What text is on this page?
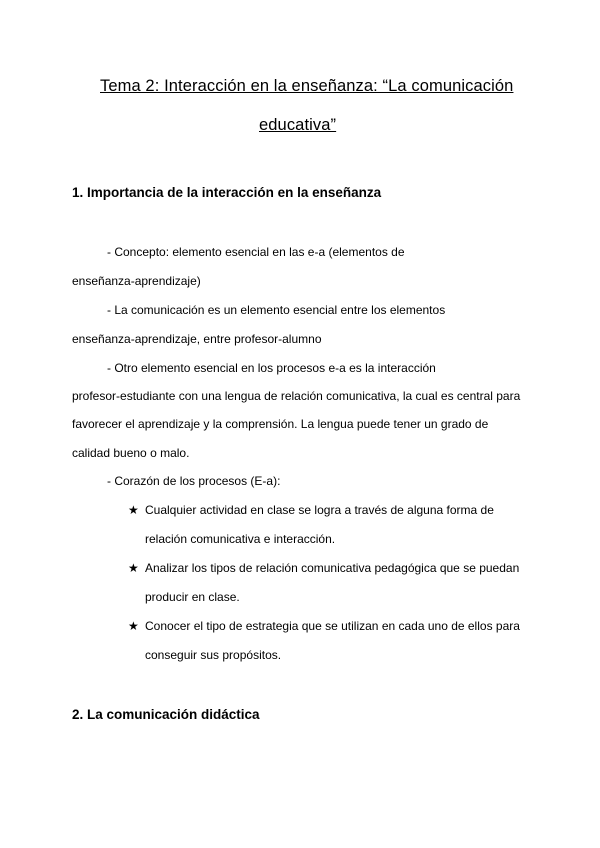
Tema 2: Interacción en la enseñanza: “La comunicación
educativa”
1. Importancia de la interacción en la enseñanza
- Concepto: elemento esencial en las e-a (elementos de
enseñanza-aprendizaje)
- La comunicación es un elemento esencial entre los elementos
enseñanza-aprendizaje, entre profesor-alumno
- Otro elemento esencial en los procesos e-a es la interacción
profesor-estudiante con una lengua de relación comunicativa, la cual es central para
favorecer el aprendizaje y la comprensión. La lengua puede tener un grado de
calidad bueno o malo.
- Corazón de los procesos (E-a):
★ Cualquier actividad en clase se logra a través de alguna forma de
relación comunicativa e interacción.
★ Analizar los tipos de relación comunicativa pedagógica que se puedan
producir en clase.
★ Conocer el tipo de estrategia que se utilizan en cada uno de ellos para
conseguir sus propósitos.
2. La comunicación didáctica
